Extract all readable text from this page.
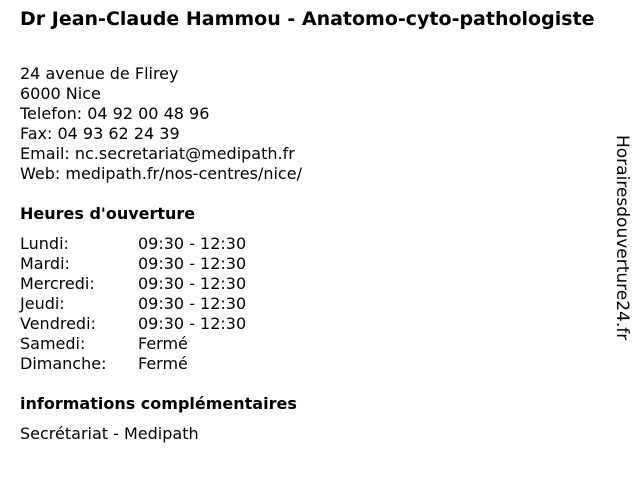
Dr Jean-Claude Hammou - Anatomo-cyto-pathologiste
24 avenue de Flirey
6000 Nice
Telefon: 04 92 00 48 96
Fax: 04 93 62 24 39
Email: nc.secretariat@medipath.fr
Web: medipath.fr/nos-centres/nice/
Heures d'ouverture
Lundi:	09:30 - 12:30
Mardi:	09:30 - 12:30
Mercredi:	09:30 - 12:30
Jeudi:	09:30 - 12:30
Vendredi:	09:30 - 12:30
Samedi:	Fermé
Dimanche:	Fermé
informations complémentaires
Secrétariat - Medipath
Horairesdouverture24.fr
